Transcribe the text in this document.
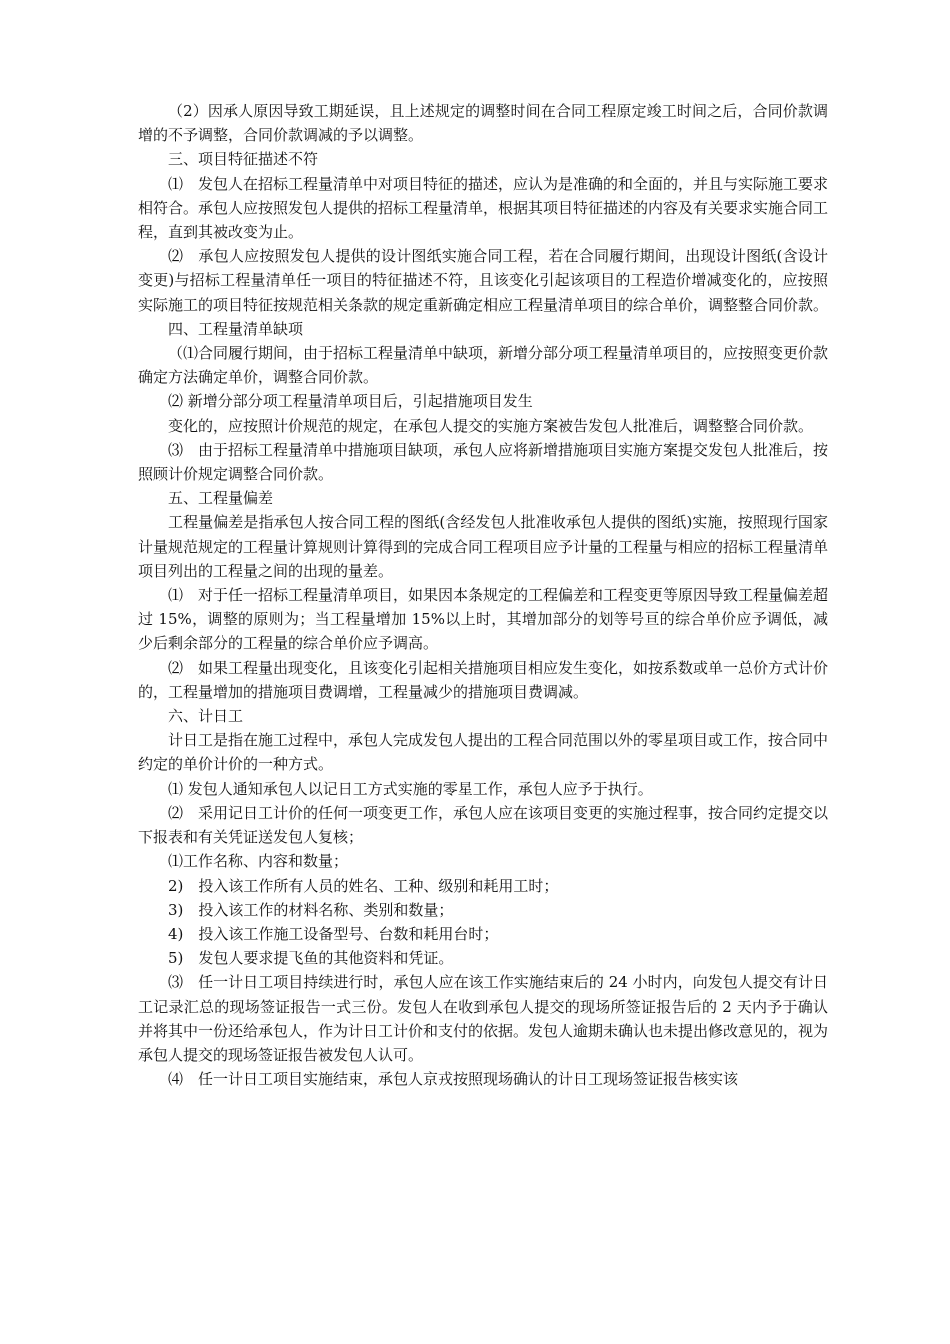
（2）因承人原因导致工期延误，且上述规定的调整时间在合同工程原定竣工时间之后，合同价款调增的不予调整，合同价款调减的予以调整。

三、项目特征描述不符

⑴　发包人在招标工程量清单中对项目特征的描述，应认为是准确的和全面的，并且与实际施工要求相符合。承包人应按照发包人提供的招标工程量清单，根据其项目特征描述的内容及有关要求实施合同工程，直到其被改变为止。

⑵　承包人应按照发包人提供的设计图纸实施合同工程，若在合同履行期间，出现设计图纸(含设计变更)与招标工程量清单任一项目的特征描述不符，且该变化引起该项目的工程造价增减变化的，应按照实际施工的项目特征按规范相关条款的规定重新确定相应工程量清单项目的综合单价，调整整合同价款。

四、工程量清单缺项

（⑴合同履行期间，由于招标工程量清单中缺项，新增分部分项工程量清单项目的，应按照变更价款确定方法确定单价，调整合同价款。

⑵ 新增分部分项工程量清单项目后，引起措施项目发生

变化的，应按照计价规范的规定，在承包人提交的实施方案被告发包人批准后，调整整合同价款。

⑶　由于招标工程量清单中措施项目缺项，承包人应将新增措施项目实施方案提交发包人批准后，按照顾计价规定调整合同价款。

五、工程量偏差

工程量偏差是指承包人按合同工程的图纸(含经发包人批准收承包人提供的图纸)实施，按照现行国家计量规范规定的工程量计算规则计算得到的完成合同工程项目应予计量的工程量与相应的招标工程量清单项目列出的工程量之间的出现的量差。

⑴　对于任一招标工程量清单项目，如果因本条规定的工程偏差和工程变更等原因导致工程量偏差超过 15%，调整的原则为；当工程量增加 15%以上时，其增加部分的划等号亘的综合单价应予调低，减少后剩余部分的工程量的综合单价应予调高。

⑵　如果工程量出现变化，且该变化引起相关措施项目相应发生变化，如按系数或单一总价方式计价的，工程量增加的措施项目费调增，工程量减少的措施项目费调减。

六、计日工

计日工是指在施工过程中，承包人完成发包人提出的工程合同范围以外的零星项目或工作，按合同中约定的单价计价的一种方式。

⑴ 发包人通知承包人以记日工方式实施的零星工作，承包人应予于执行。

⑵　采用记日工计价的任何一项变更工作，承包人应在该项目变更的实施过程事，按合同约定提交以下报表和有关凭证送发包人复核；

⑴工作名称、内容和数量；

2)　投入该工作所有人员的姓名、工种、级别和耗用工时；

3)　投入该工作的材料名称、类别和数量；

4)　投入该工作施工设备型号、台数和耗用台时；

5)　发包人要求提飞鱼的其他资料和凭证。

⑶　任一计日工项目持续进行时，承包人应在该工作实施结束后的 24 小时内，向发包人提交有计日工记录汇总的现场签证报告一式三份。发包人在收到承包人提交的现场所签证报告后的 2 天内予于确认并将其中一份还给承包人，作为计日工计价和支付的依据。发包人逾期未确认也未提出修改意见的，视为承包人提交的现场签证报告被发包人认可。

⑷　任一计日工项目实施结束，承包人京戎按照现场确认的计日工现场签证报告核实该
